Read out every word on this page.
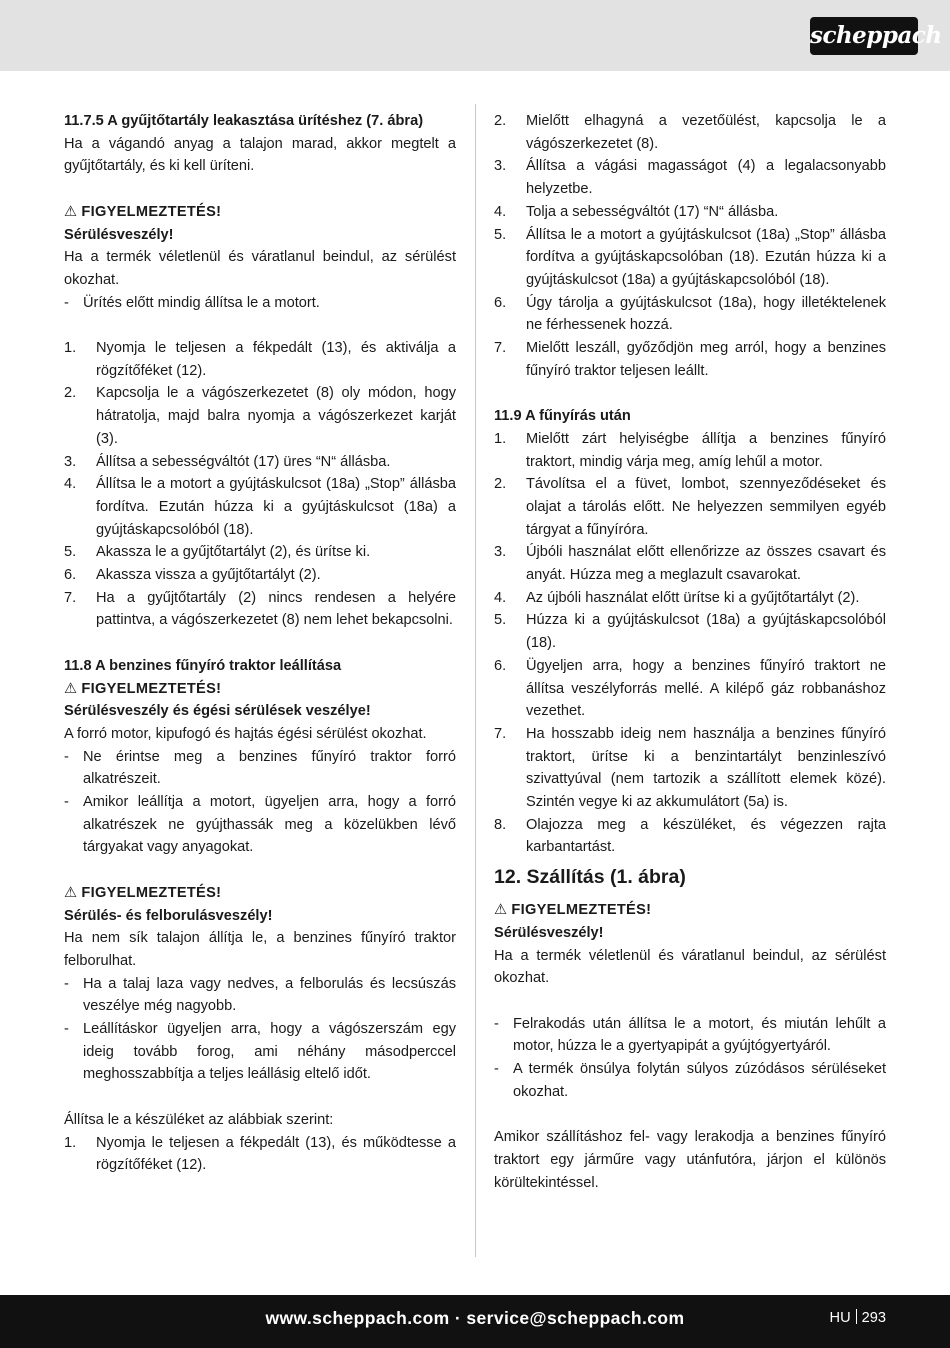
scheppach
11.7.5 A gyűjtőtartály leakasztása ürítéshez (7. ábra)

Ha a vágandó anyag a talajon marad, akkor megtelt a gyűjtőtartály, és ki kell üríteni.

⚠ FIGYELMEZTETÉS!

Sérülésveszély!

Ha a termék véletlenül és váratlanul beindul, az sérülést okozhat.

- Ürítés előtt mindig állítsa le a motort.
1.	Nyomja le teljesen a fékpedált (13), és aktiválja a rögzítőféket (12).
2.	Kapcsolja le a vágószerkezetet (8) oly módon, hogy hátratolja, majd balra nyomja a vágószerkezet karját (3).
3.	Állítsa a sebességváltót (17) üres “N“ állásba.
4.	Állítsa le a motort a gyújtáskulcsot (18a) „Stop” állásba fordítva. Ezután húzza ki a gyújtáskulcsot (18a) a gyújtáskapcsolóból (18).
5.	Akassza le a gyűjtőtartályt (2), és ürítse ki.
6.	Akassza vissza a gyűjtőtartályt (2).
7.	Ha a gyűjtőtartály (2) nincs rendesen a helyére pattintva, a vágószerkezetet (8) nem lehet bekapcsolni.
11.8 A benzines fűnyíró traktor leállítása
⚠ FIGYELMEZTETÉS!

Sérülésveszély és égési sérülések veszélye!

A forró motor, kipufogó és hajtás égési sérülést okozhat.

- Ne érintse meg a benzines fűnyíró traktor forró alkatrészeit.
- Amikor leállítja a motort, ügyeljen arra, hogy a forró alkatrészek ne gyújthassák meg a közelükben lévő tárgyakat vagy anyagokat.
⚠ FIGYELMEZTETÉS!

Sérülés- és felborulásveszély!

Ha nem sík talajon állítja le, a benzines fűnyíró traktor felborulhat.

- Ha a talaj laza vagy nedves, a felborulás és lecsúszás veszélye még nagyobb.
- Leállításkor ügyeljen arra, hogy a vágószerszám egy ideig tovább forog, ami néhány másodperccel meghosszabbítja a teljes leállásig eltelő időt.

Állítsa le a készüléket az alábbiak szerint:

1.	Nyomja le teljesen a fékpedált (13), és működtesse a rögzítőféket (12).
2.	Mielőtt elhagyná a vezetőülést, kapcsolja le a vágószerkezetet (8).
3.	Állítsa a vágási magasságot (4) a legalacsonyabb helyzetbe.
4.	Tolja a sebességváltót (17) “N“ állásba.
5.	Állítsa le a motort a gyújtáskulcsot (18a) „Stop” állásba fordítva a gyújtáskapcsolóban (18). Ezután húzza ki a gyújtáskulcsot (18a) a gyújtáskapcsolóból (18).
6.	Úgy tárolja a gyújtáskulcsot (18a), hogy illetéktelenek ne férhessenek hozzá.
7.	Mielőtt leszáll, győződjön meg arról, hogy a benzines fűnyíró traktor teljesen leállt.
11.9 A fűnyírás után
1.	Mielőtt zárt helyiségbe állítja a benzines fűnyíró traktort, mindig várja meg, amíg lehűl a motor.
2.	Távolítsa el a füvet, lombot, szennyeződéseket és olajat a tárolás előtt. Ne helyezzen semmilyen egyéb tárgyat a fűnyíróra.
3.	Újbóli használat előtt ellenőrizze az összes csavart és anyát. Húzza meg a meglazult csavarokat.
4.	Az újbóli használat előtt ürítse ki a gyűjtőtartályt (2).
5.	Húzza ki a gyújtáskulcsot (18a) a gyújtáskapcsolóból (18).
6.	Ügyeljen arra, hogy a benzines fűnyíró traktort ne állítsa veszélyforrás mellé. A kilépő gáz robbanáshoz vezethet.
7.	Ha hosszabb ideig nem használja a benzines fűnyíró traktort, ürítse ki a benzintartályt benzinleszívó szivattyúval (nem tartozik a szállított elemek közé). Szintén vegye ki az akkumulátort (5a) is.
8.	Olajozza meg a készüléket, és végezzen rajta karbantartást.
12. Szállítás (1. ábra)
⚠ FIGYELMEZTETÉS!

Sérülésveszély!

Ha a termék véletlenül és váratlanul beindul, az sérülést okozhat.

- Felrakodás után állítsa le a motort, és miután lehűlt a motor, húzza le a gyertyapipát a gyújtógyertyáról.
- A termék önsúlya folytán súlyos zúzódásos sérüléseket okozhat.

Amikor szállításhoz fel- vagy lerakodja a benzines fűnyíró traktort egy járműre vagy utánfutóra, járjon el különös körültekintéssel.

www.scheppach.com · service@scheppach.com	HU 293
